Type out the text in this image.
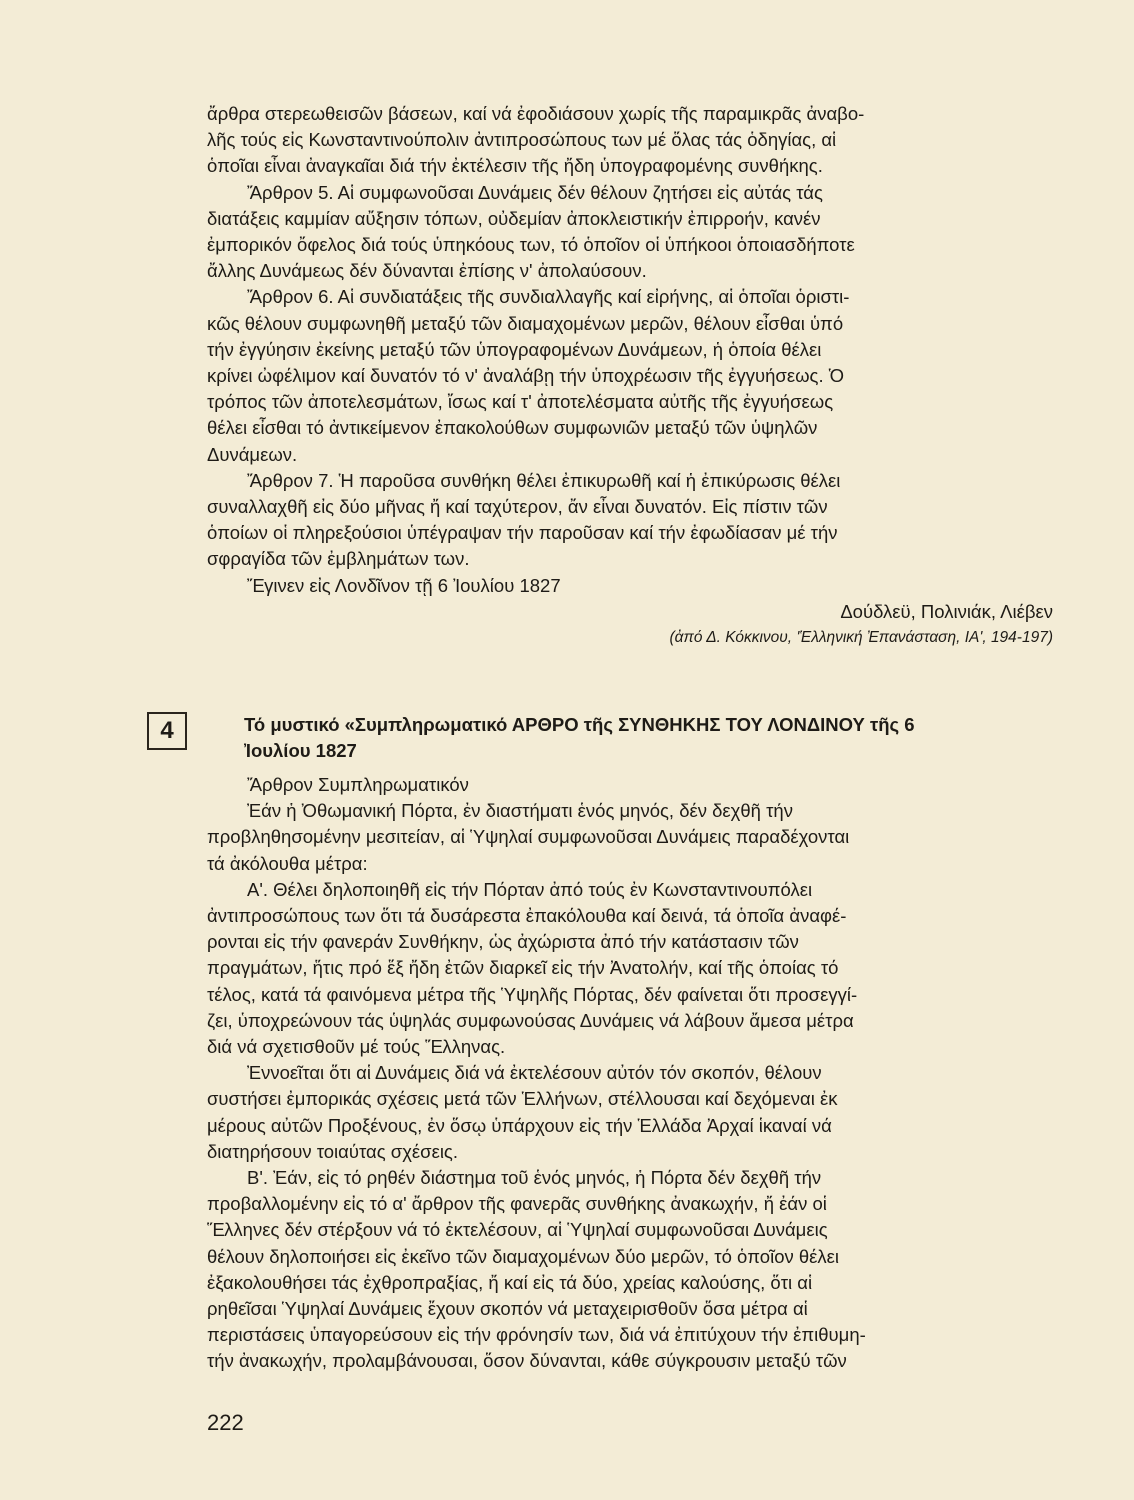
ἄρθρα στερεωθεισῶν βάσεων, καί νά ἐφοδιάσουν χωρίς τῆς παραμικρᾶς ἀναβο-
λῆς τούς εἰς Κωνσταντινούπολιν ἀντιπροσώπους των μέ ὅλας τάς ὁδηγίας, αἱ
ὁποῖαι εἶναι ἀναγκαῖαι διά τήν ἐκτέλεσιν τῆς ἤδη ὑπογραφομένης συνθήκης.
Ἄρθρον 5. Αἱ συμφωνοῦσαι Δυνάμεις δέν θέλουν ζητήσει εἰς αὐτάς τάς
διατάξεις καμμίαν αὔξησιν τόπων, οὐδεμίαν ἀποκλειστικήν ἐπιρροήν, κανέν
ἐμπορικόν ὄφελος διά τούς ὑπηκόους των, τό ὁποῖον οἱ ὑπήκοοι ὁποιασδήποτε
ἄλλης Δυνάμεως δέν δύνανται ἐπίσης ν' ἀπολαύσουν.
Ἄρθρον 6. Αἱ συνδιατάξεις τῆς συνδιαλλαγῆς καί εἰρήνης, αἱ ὁποῖαι ὁριστι-
κῶς θέλουν συμφωνηθῆ μεταξύ τῶν διαμαχομένων μερῶν, θέλουν εἶσθαι ὑπό
τήν ἐγγύησιν ἐκείνης μεταξύ τῶν ὑπογραφομένων Δυνάμεων, ἡ ὁποία θέλει
κρίνει ὠφέλιμον καί δυνατόν τό ν' ἀναλάβῃ τήν ὑποχρέωσιν τῆς ἐγγυήσεως. Ὁ
τρόπος τῶν ἀποτελεσμάτων, ἴσως καί τ' ἀποτελέσματα αὐτῆς τῆς ἐγγυήσεως
θέλει εἶσθαι τό ἀντικείμενον ἐπακολούθων συμφωνιῶν μεταξύ τῶν ὑψηλῶν
Δυνάμεων.
Ἄρθρον 7. Ἡ παροῦσα συνθήκη θέλει ἐπικυρωθῆ καί ἡ ἐπικύρωσις θέλει
συναλλαχθῆ εἰς δύο μῆνας ἤ καί ταχύτερον, ἄν εἶναι δυνατόν. Εἰς πίστιν τῶν
ὁποίων οἱ πληρεξούσιοι ὑπέγραψαν τήν παροῦσαν καί τήν ἐφωδίασαν μέ τήν
σφραγίδα τῶν ἐμβλημάτων των.
Ἔγινεν εἰς Λονδῖνον τῇ 6 Ἰουλίου 1827
Δούδλεϋ, Πολινιάκ, Λιέβεν
(ἀπό Δ. Κόκκινου, 'Ἑλληνική Ἐπανάσταση, ΙΑ', 194-197)
4	Τό μυστικό «Συμπληρωματικό ΑΡΘΡΟ τῆς ΣΥΝΘΗΚΗΣ ΤΟΥ ΛΟΝΔΙΝΟΥ τῆς 6
Ἰουλίου 1827
Ἄρθρον Συμπληρωματικόν
Ἐάν ἡ Ὀθωμανική Πόρτα, ἐν διαστήματι ἑνός μηνός, δέν δεχθῆ τήν
προβληθησομένην μεσιτείαν, αἱ Ὑψηλαί συμφωνοῦσαι Δυνάμεις παραδέχονται
τά ἀκόλουθα μέτρα:
Α'. Θέλει δηλοποιηθῆ εἰς τήν Πόρταν ἀπό τούς ἐν Κωνσταντινουπόλει
ἀντιπροσώπους των ὅτι τά δυσάρεστα ἐπακόλουθα καί δεινά, τά ὁποῖα ἀναφέ-
ρονται εἰς τήν φανεράν Συνθήκην, ὡς ἀχώριστα ἀπό τήν κατάστασιν τῶν
πραγμάτων, ἥτις πρό ἕξ ἤδη ἐτῶν διαρκεῖ εἰς τήν Ἀνατολήν, καί τῆς ὁποίας τό
τέλος, κατά τά φαινόμενα μέτρα τῆς Ὑψηλῆς Πόρτας, δέν φαίνεται ὅτι προσεγγί-
ζει, ὑποχρεώνουν τάς ὑψηλάς συμφωνούσας Δυνάμεις νά λάβουν ἄμεσα μέτρα
διά νά σχετισθοῦν μέ τούς Ἕλληνας.
Ἐννοεῖται ὅτι αἱ Δυνάμεις διά νά ἐκτελέσουν αὐτόν τόν σκοπόν, θέλουν
συστήσει ἐμπορικάς σχέσεις μετά τῶν Ἑλλήνων, στέλλουσαι καί δεχόμεναι ἐκ
μέρους αὐτῶν Προξένους, ἐν ὅσῳ ὑπάρχουν εἰς τήν Ἑλλάδα Ἀρχαί ἱκαναί νά
διατηρήσουν τοιαύτας σχέσεις.
Β'. Ἐάν, εἰς τό ρηθέν διάστημα τοῦ ἑνός μηνός, ἡ Πόρτα δέν δεχθῆ τήν
προβαλλομένην εἰς τό α' ἄρθρον τῆς φανερᾶς συνθήκης ἀνακωχήν, ἤ ἐάν οἱ
Ἕλληνες δέν στέρξουν νά τό ἐκτελέσουν, αἱ Ὑψηλαί συμφωνοῦσαι Δυνάμεις
θέλουν δηλοποιήσει εἰς ἐκεῖνο τῶν διαμαχομένων δύο μερῶν, τό ὁποῖον θέλει
ἐξακολουθήσει τάς ἐχθροπραξίας, ἤ καί εἰς τά δύο, χρείας καλούσης, ὅτι αἱ
ρηθεῖσαι Ὑψηλαί Δυνάμεις ἔχουν σκοπόν νά μεταχειρισθοῦν ὅσα μέτρα αἱ
περιστάσεις ὑπαγορεύσουν εἰς τήν φρόνησίν των, διά νά ἐπιτύχουν τήν ἐπιθυμη-
τήν ἀνακωχήν, προλαμβάνουσαι, ὅσον δύνανται, κάθε σύγκρουσιν μεταξύ τῶν
222
